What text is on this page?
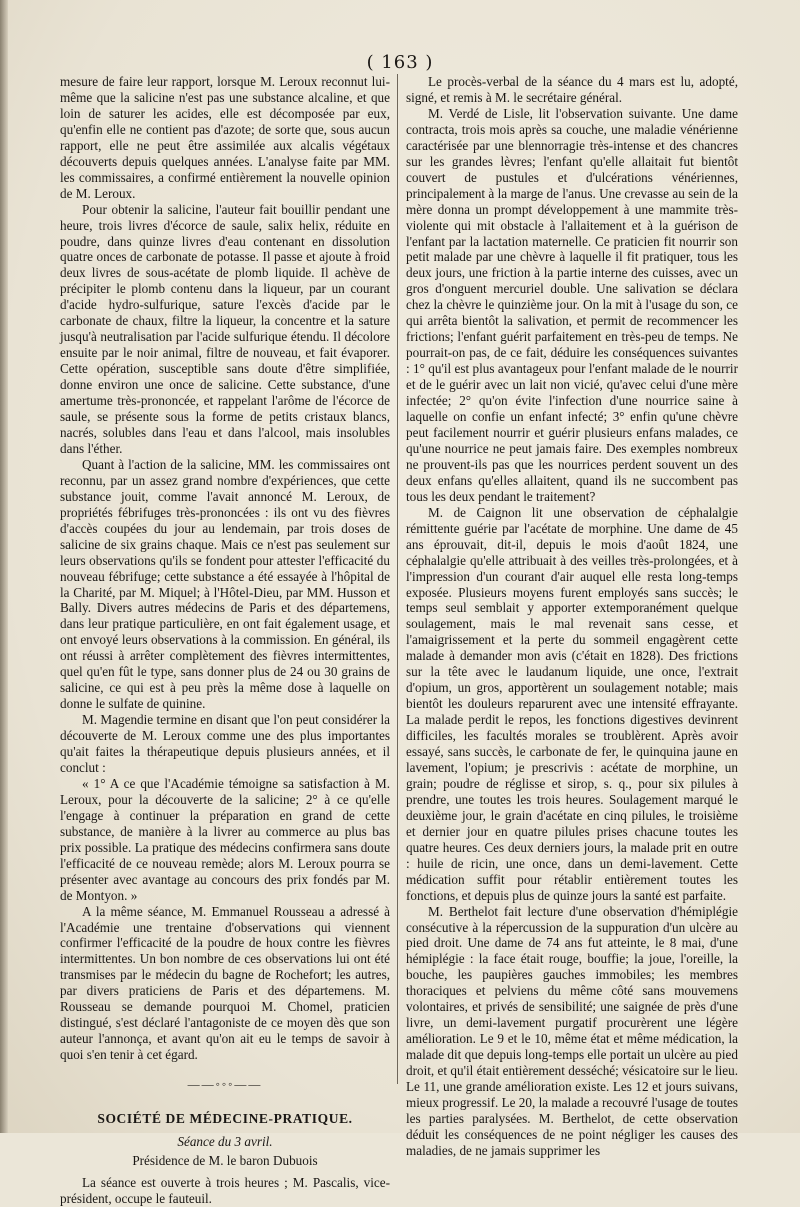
( 163 )

mesure de faire leur rapport, lorsque M. Leroux reconnut lui-même que la salicine n'est pas une substance alcaline, et que loin de saturer les acides, elle est décomposée par eux, qu'enfin elle ne contient pas d'azote; de sorte que, sous aucun rapport, elle ne peut être assimilée aux alcalis végétaux découverts depuis quelques années. L'analyse faite par MM. les commissaires, a confirmé entièrement la nouvelle opinion de M. Leroux.

Pour obtenir la salicine, l'auteur fait bouillir pendant une heure, trois livres d'écorce de saule, salix helix, réduite en poudre, dans quinze livres d'eau contenant en dissolution quatre onces de carbonate de potasse. Il passe et ajoute à froid deux livres de sous-acétate de plomb liquide. Il achève de précipiter le plomb contenu dans la liqueur, par un courant d'acide hydro-sulfurique, sature l'excès d'acide par le carbonate de chaux, filtre la liqueur, la concentre et la sature jusqu'à neutralisation par l'acide sulfurique étendu. Il décolore ensuite par le noir animal, filtre de nouveau, et fait évaporer. Cette opération, susceptible sans doute d'être simplifiée, donne environ une once de salicine. Cette substance, d'une amertume très-prononcée, et rappelant l'arôme de l'écorce de saule, se présente sous la forme de petits cristaux blancs, nacrés, solubles dans l'eau et dans l'alcool, mais insolubles dans l'éther.

Quant à l'action de la salicine, MM. les commissaires ont reconnu, par un assez grand nombre d'expériences, que cette substance jouit, comme l'avait annoncé M. Leroux, de propriétés fébrifuges très-prononcées : ils ont vu des fièvres d'accès coupées du jour au lendemain, par trois doses de salicine de six grains chaque. Mais ce n'est pas seulement sur leurs observations qu'ils se fondent pour attester l'efficacité du nouveau fébrifuge; cette substance a été essayée à l'hôpital de la Charité, par M. Miquel; à l'Hôtel-Dieu, par MM. Husson et Bally. Divers autres médecins de Paris et des départemens, dans leur pratique particulière, en ont fait également usage, et ont envoyé leurs observations à la commission. En général, ils ont réussi à arrêter complètement des fièvres intermittentes, quel qu'en fût le type, sans donner plus de 24 ou 30 grains de salicine, ce qui est à peu près la même dose à laquelle on donne le sulfate de quinine.

M. Magendie termine en disant que l'on peut considérer la découverte de M. Leroux comme une des plus importantes qu'ait faites la thérapeutique depuis plusieurs années, et il conclut :

« 1° A ce que l'Académie témoigne sa satisfaction à M. Leroux, pour la découverte de la salicine; 2° à ce qu'elle l'engage à continuer la préparation en grand de cette substance, de manière à la livrer au commerce au plus bas prix possible. La pratique des médecins confirmera sans doute l'efficacité de ce nouveau remède; alors M. Leroux pourra se présenter avec avantage au concours des prix fondés par M. de Montyon. »

A la même séance, M. Emmanuel Rousseau a adressé à l'Académie une trentaine d'observations qui viennent confirmer l'efficacité de la poudre de houx contre les fièvres intermittentes. Un bon nombre de ces observations lui ont été transmises par le médecin du bagne de Rochefort; les autres, par divers praticiens de Paris et des départemens. M. Rousseau se demande pourquoi M. Chomel, praticien distingué, s'est déclaré l'antagoniste de ce moyen dès que son auteur l'annonça, et avant qu'on ait eu le temps de savoir à quoi s'en tenir à cet égard.

——◦◦◦——
SOCIÉTÉ DE MÉDECINE-PRATIQUE.
Séance du 3 avril.
Présidence de M. le baron Dubuois

La séance est ouverte à trois heures ; M. Pascalis, vice-président, occupe le fauteuil.

Le procès-verbal de la séance du 4 mars est lu, adopté, signé, et remis à M. le secrétaire général.

M. Verdé de Lisle, lit l'observation suivante. Une dame contracta, trois mois après sa couche, une maladie vénérienne caractérisée par une blennorragie très-intense et des chancres sur les grandes lèvres; l'enfant qu'elle allaitait fut bientôt couvert de pustules et d'ulcérations vénériennes, principalement à la marge de l'anus. Une crevasse au sein de la mère donna un prompt développement à une mammite très-violente qui mit obstacle à l'allaitement et à la guérison de l'enfant par la lactation maternelle. Ce praticien fit nourrir son petit malade par une chèvre à laquelle il fit pratiquer, tous les deux jours, une friction à la partie interne des cuisses, avec un gros d'onguent mercuriel double. Une salivation se déclara chez la chèvre le quinzième jour. On la mit à l'usage du son, ce qui arrêta bientôt la salivation, et permit de recommencer les frictions; l'enfant guérit parfaitement en très-peu de temps. Ne pourrait-on pas, de ce fait, déduire les conséquences suivantes : 1° qu'il est plus avantageux pour l'enfant malade de le nourrir et de le guérir avec un lait non vicié, qu'avec celui d'une mère infectée; 2° qu'on évite l'infection d'une nourrice saine à laquelle on confie un enfant infecté; 3° enfin qu'une chèvre peut facilement nourrir et guérir plusieurs enfans malades, ce qu'une nourrice ne peut jamais faire. Des exemples nombreux ne prouvent-ils pas que les nourrices perdent souvent un des deux enfans qu'elles allaitent, quand ils ne succombent pas tous les deux pendant le traitement?

M. de Caignon lit une observation de céphalalgie rémittente guérie par l'acétate de morphine. Une dame de 45 ans éprouvait, dit-il, depuis le mois d'août 1824, une céphalalgie qu'elle attribuait à des veilles très-prolongées, et à l'impression d'un courant d'air auquel elle resta long-temps exposée. Plusieurs moyens furent employés sans succès; le temps seul semblait y apporter extemporanément quelque soulagement, mais le mal revenait sans cesse, et l'amaigrissement et la perte du sommeil engagèrent cette malade à demander mon avis (c'était en 1828). Des frictions sur la tête avec le laudanum liquide, une once, l'extrait d'opium, un gros, apportèrent un soulagement notable; mais bientôt les douleurs reparurent avec une intensité effrayante. La malade perdit le repos, les fonctions digestives devinrent difficiles, les facultés morales se troublèrent. Après avoir essayé, sans succès, le carbonate de fer, le quinquina jaune en lavement, l'opium; je prescrivis : acétate de morphine, un grain; poudre de réglisse et sirop, s. q., pour six pilules à prendre, une toutes les trois heures. Soulagement marqué le deuxième jour, le grain d'acétate en cinq pilules, le troisième et dernier jour en quatre pilules prises chacune toutes les quatre heures. Ces deux derniers jours, la malade prit en outre : huile de ricin, une once, dans un demi-lavement. Cette médication suffit pour rétablir entièrement toutes les fonctions, et depuis plus de quinze jours la santé est parfaite.

M. Berthelot fait lecture d'une observation d'hémiplégie consécutive à la répercussion de la suppuration d'un ulcère au pied droit. Une dame de 74 ans fut atteinte, le 8 mai, d'une hémiplégie : la face était rouge, bouffie; la joue, l'oreille, la bouche, les paupières gauches immobiles; les membres thoraciques et pelviens du même côté sans mouvemens volontaires, et privés de sensibilité; une saignée de près d'une livre, un demi-lavement purgatif procurèrent une légère amélioration. Le 9 et le 10, même état et même médication, la malade dit que depuis long-temps elle portait un ulcère au pied droit, et qu'il était entièrement desséché; vésicatoire sur le lieu. Le 11, une grande amélioration existe. Les 12 et jours suivans, mieux progressif. Le 20, la malade a recouvré l'usage de toutes les parties paralysées. M. Berthelot, de cette observation déduit les conséquences de ne point négliger les causes des maladies, de ne jamais supprimer les
